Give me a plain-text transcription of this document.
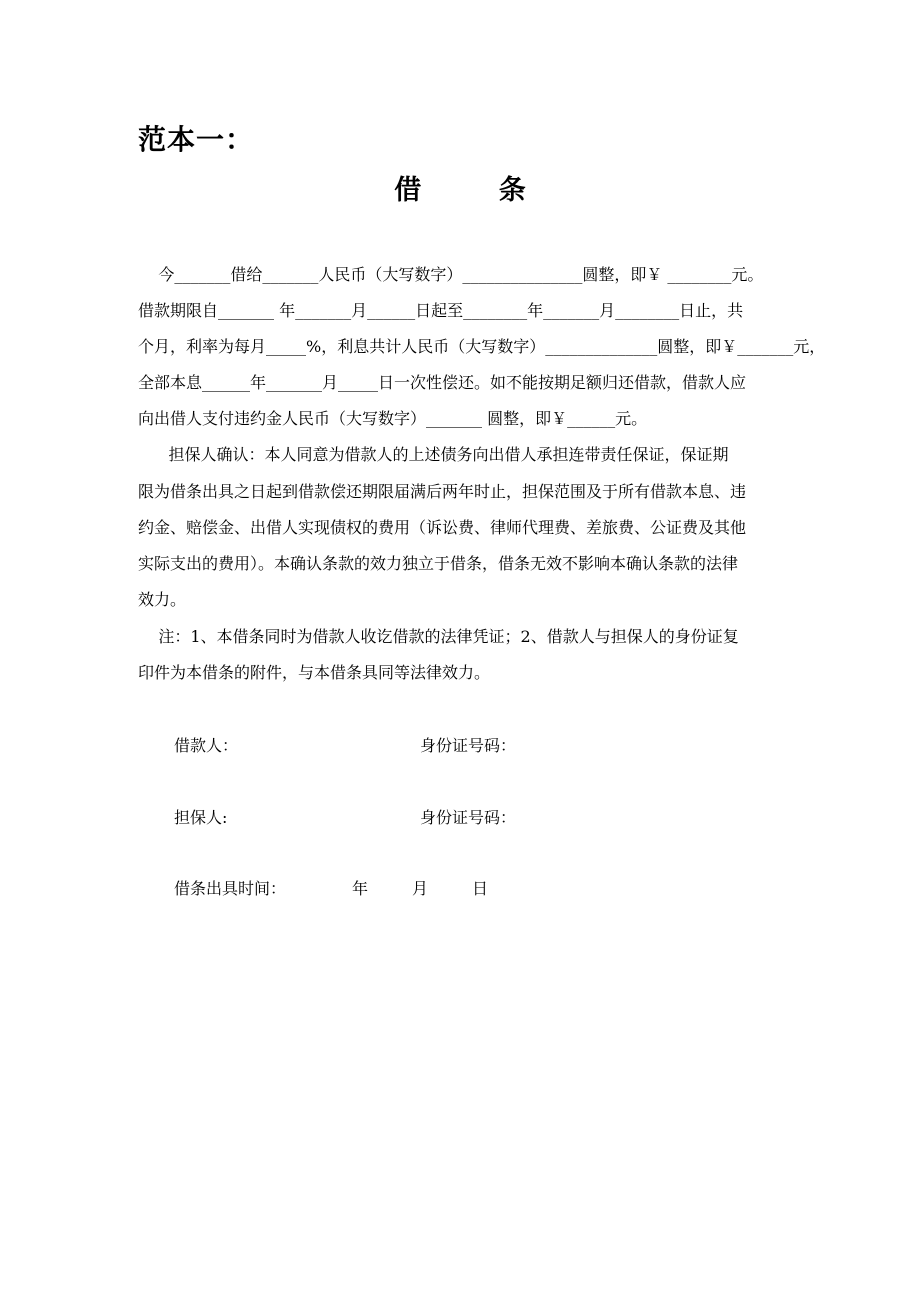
范本一：
借 条
今_______借给_______人民币（大写数字）_______________圆整，即￥ ________元。
借款期限自_______ 年_______月______日起至________年_______月________日止，共
个月，利率为每月_____%，利息共计人民币（大写数字）______________圆整，即￥_______元，
全部本息______年_______月_____日一次性偿还。如不能按期足额归还借款，借款人应
向出借人支付违约金人民币（大写数字）_______ 圆整，即￥______元。
担保人确认：本人同意为借款人的上述债务向出借人承担连带责任保证，保证期
限为借条出具之日起到借款偿还期限届满后两年时止，担保范围及于所有借款本息、违
约金、赔偿金、出借人实现债权的费用（诉讼费、律师代理费、差旅费、公证费及其他
实际支出的费用）。本确认条款的效力独立于借条，借条无效不影响本确认条款的法律
效力。
注：1、本借条同时为借款人收讫借款的法律凭证；2、借款人与担保人的身份证复
印件为本借条的附件，与本借条具同等法律效力。
借款人：	身份证号码：
担保人:	身份证号码：
借条出具时间：	年	月	日
